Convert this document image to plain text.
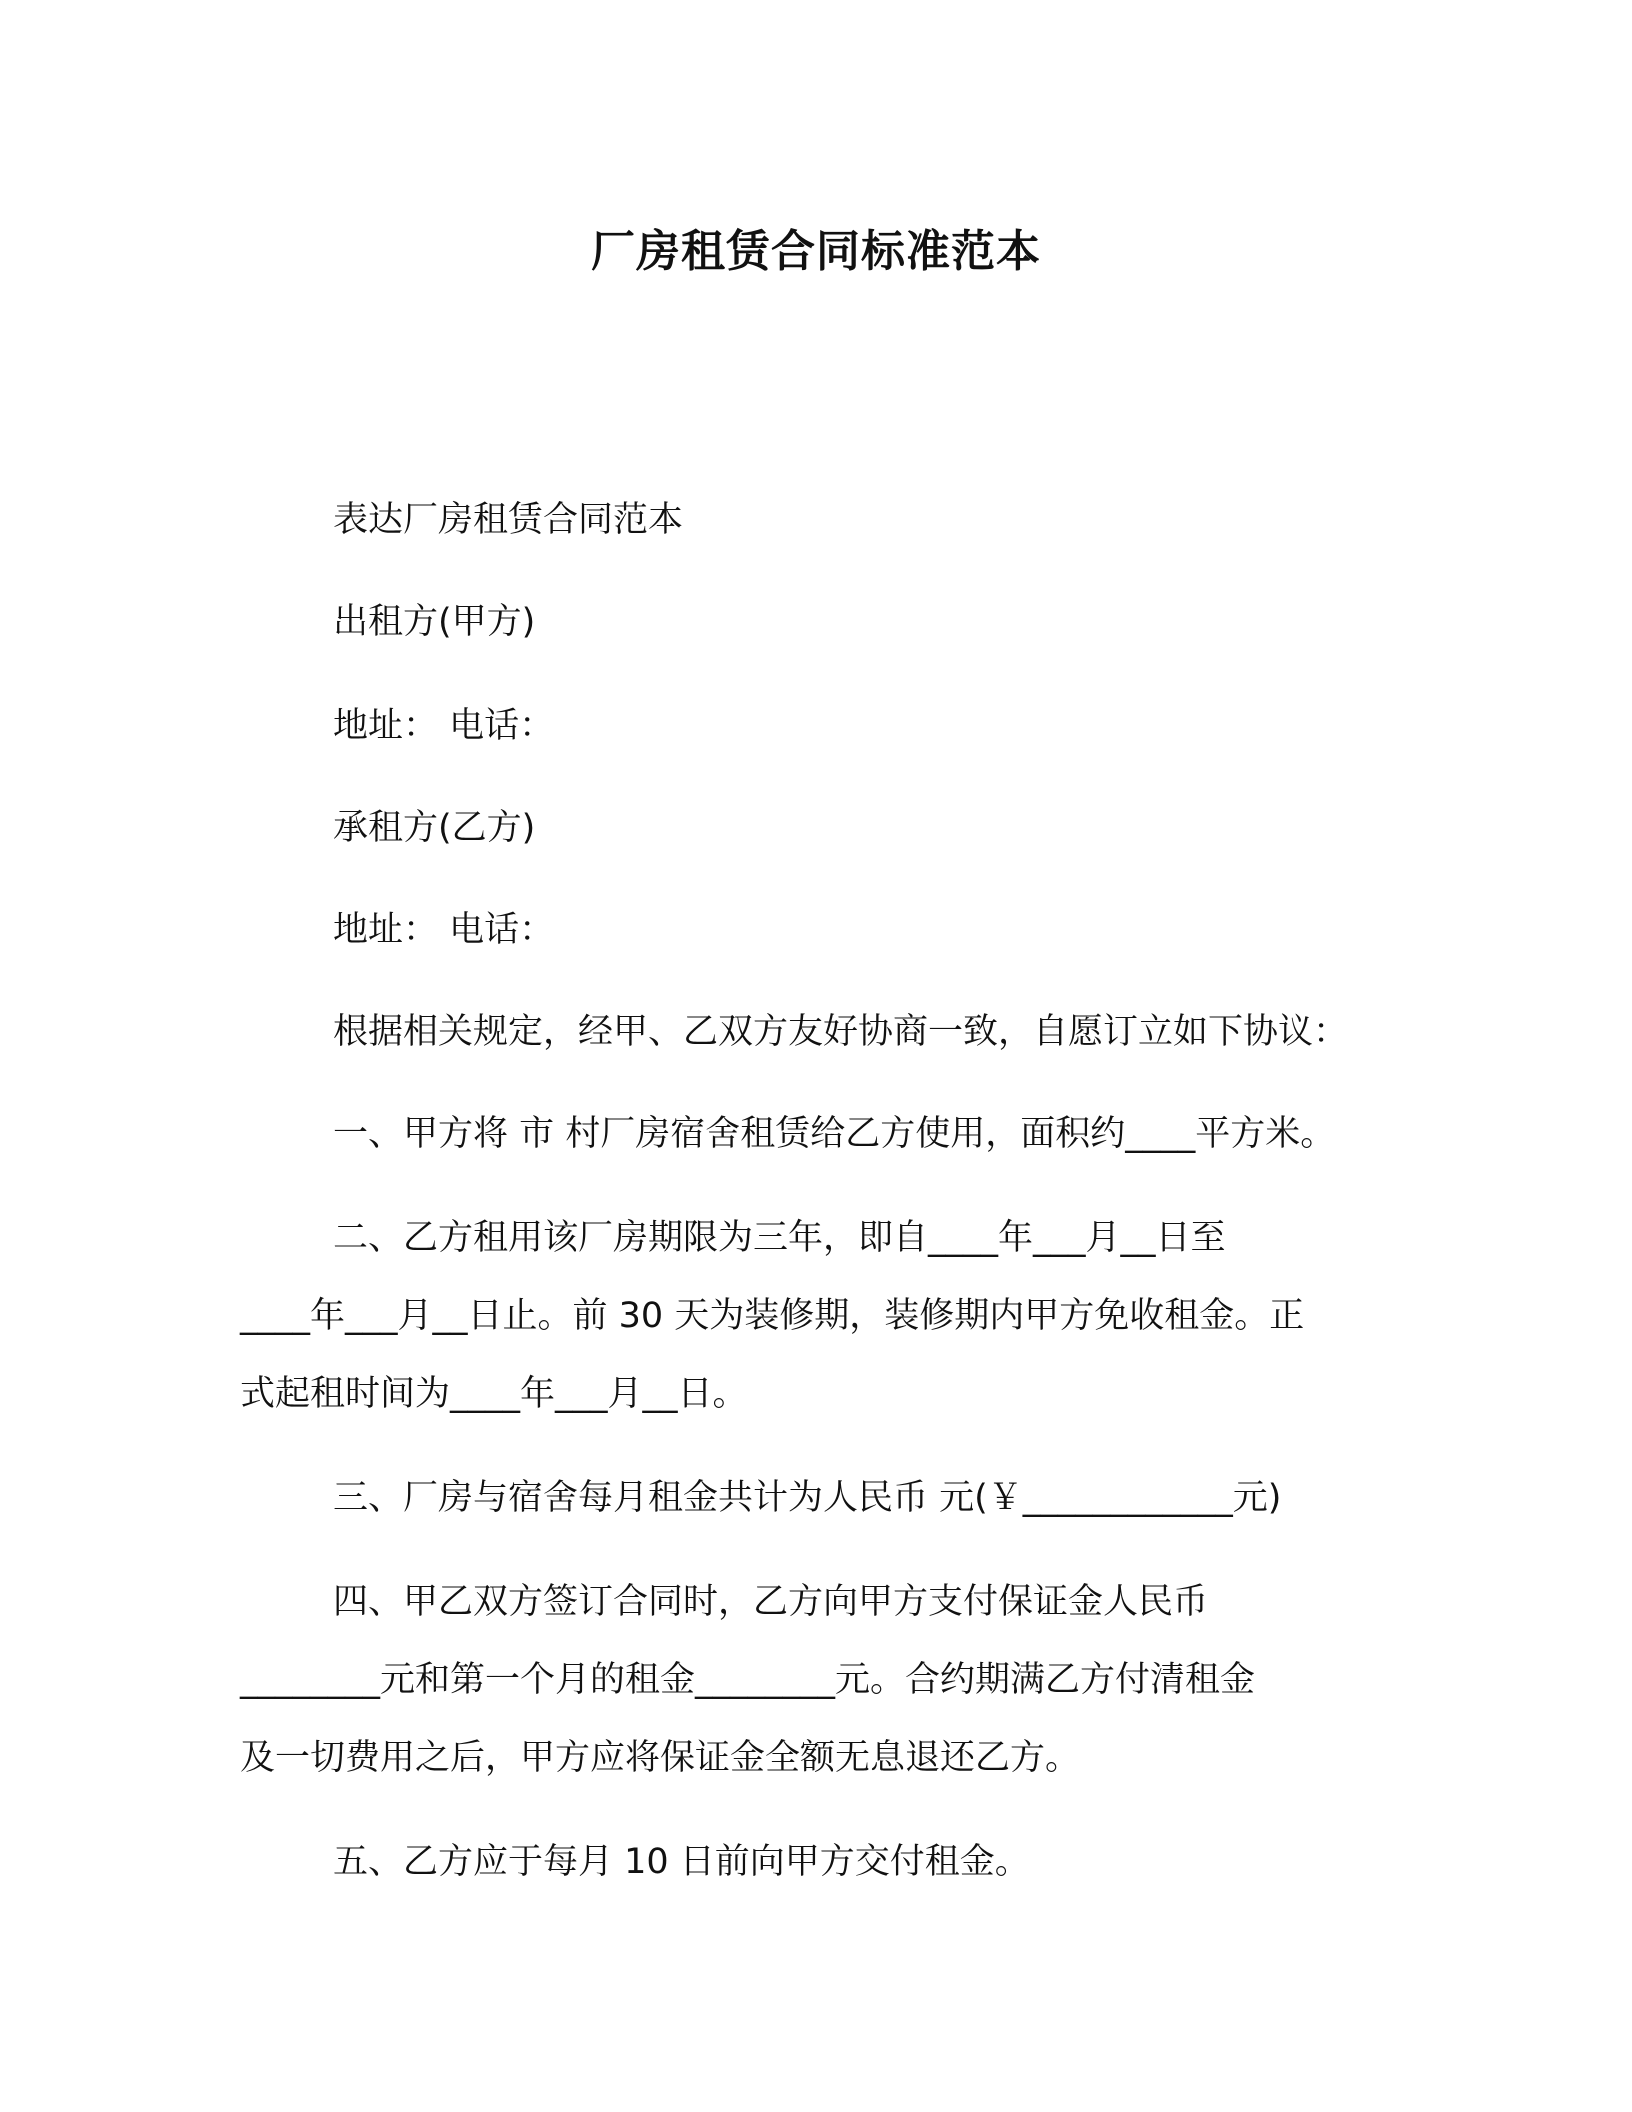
厂房租赁合同标准范本
表达厂房租赁合同范本
出租方(甲方)
地址： 电话：
承租方(乙方)
地址： 电话：
根据相关规定，经甲、乙双方友好协商一致，自愿订立如下协议：
一、甲方将 市 村厂房宿舍租赁给乙方使用，面积约____平方米。
二、乙方租用该厂房期限为三年，即自____年___月__日至
____年___月__日止。前 30 天为装修期，装修期内甲方免收租金。正
式起租时间为____年___月__日。
三、厂房与宿舍每月租金共计为人民币 元(￥____________元)
四、甲乙双方签订合同时，乙方向甲方支付保证金人民币
________元和第一个月的租金________元。合约期满乙方付清租金
及一切费用之后，甲方应将保证金全额无息退还乙方。
五、乙方应于每月 10 日前向甲方交付租金。
